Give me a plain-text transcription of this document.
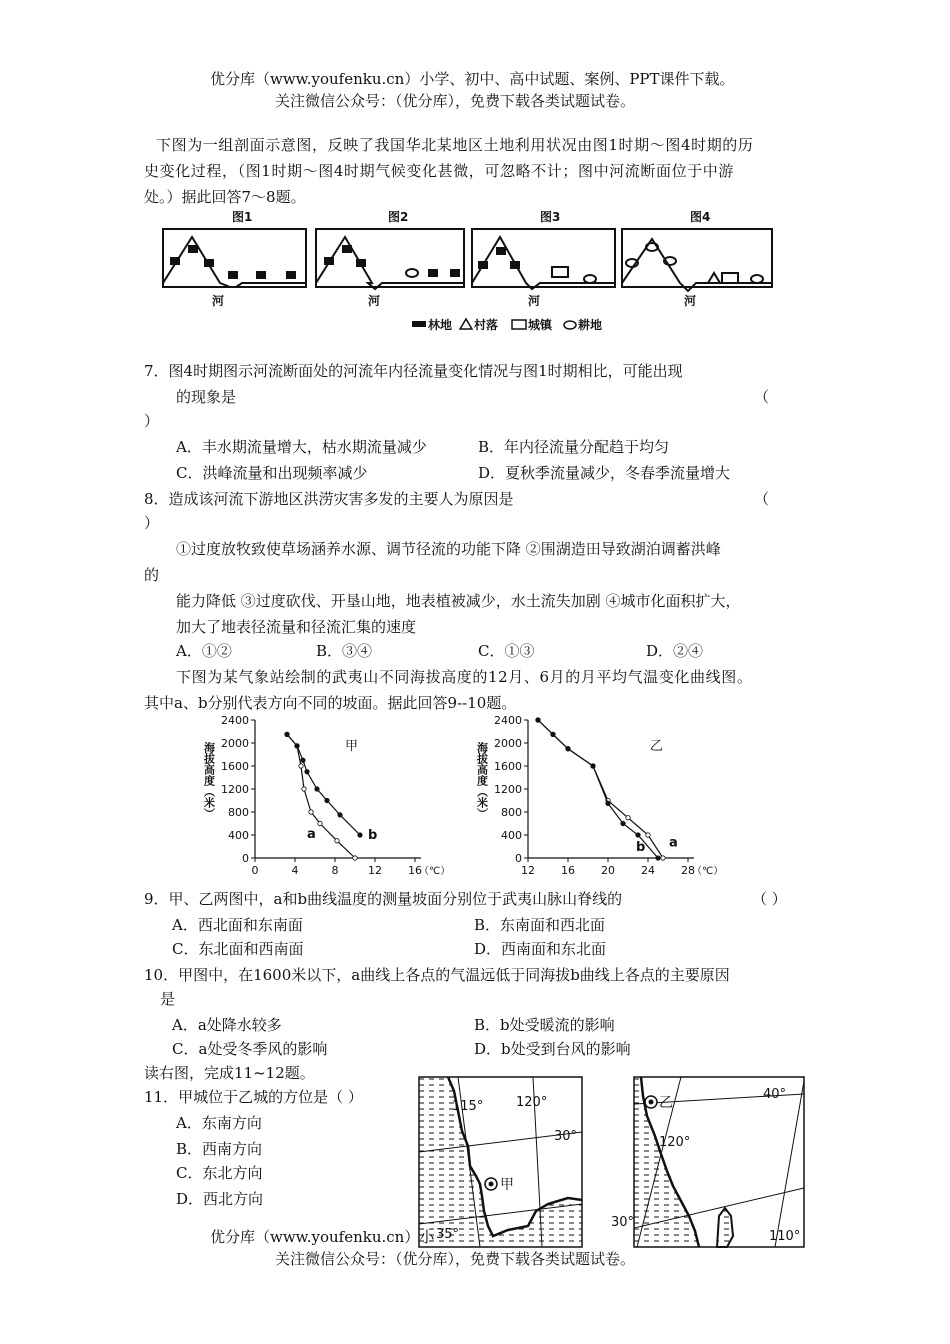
优分库（www.youfenku.cn）小学、初中、高中试题、案例、PPT课件下载。
关注微信公众号：（优分库），免费下载各类试题试卷。
下图为一组剖面示意图，反映了我国华北某地区土地利用状况由图1时期～图4时期的历
史变化过程，（图1时期～图4时期气候变化甚微，可忽略不计；图中河流断面位于中游
处。）据此回答7～8题。
图1	图2	图3	图4
河	河	河	河
林地 村落 城镇 耕地
7．图4时期图示河流断面处的河流年内径流量变化情况与图1时期相比，可能出现
的现象是	（
）
A．丰水期流量增大，枯水期流量减少	B．年内径流量分配趋于均匀
C．洪峰流量和出现频率减少	D．夏秋季流量减少，冬春季流量增大
8．造成该河流下游地区洪涝灾害多发的主要人为原因是	（
）
①过度放牧致使草场涵养水源、调节径流的功能下降 ②围湖造田导致湖泊调蓄洪峰
的
能力降低 ③过度砍伐、开垦山地，地表植被减少，水土流失加剧 ④城市化面积扩大，
加大了地表径流量和径流汇集的速度
A．①②	B．③④	C．①③	D．②④
下图为某气象站绘制的武夷山不同海拔高度的12月、6月的月平均气温变化曲线图。
其中a、b分别代表方向不同的坡面。据此回答9--10题。
0
400
800
1200
1600
2000
2400
0	4	8	12 16
（℃）
海拔高度（米）	甲
a	b
0
400
800
1200
1600
2000
2400
12 16 20 24 28
（℃）
海拔高度（米）	乙
a
b
9．甲、乙两图中，a和b曲线温度的测量坡面分别位于武夷山脉山脊线的	（ ）
A．西北面和东南面	B．东南面和西北面
C．东北面和西南面	D．西南面和东北面
10．甲图中，在1600米以下，a曲线上各点的气温远低于同海拔b曲线上各点的主要原因
是
A．a处降水较多	B．b处受暖流的影响
C．a处受冬季风的影响	D．b处受到台风的影响
读右图，完成11~12题。
11．甲城位于乙城的方位是（ ）
A．东南方向
B．西南方向
C．东北方向
D．西北方向
115°	120°
30°
35°
甲
40°
120°
30°
110°
乙
优分库（www.youfenku.cn）小
关注微信公众号：（优分库），免费下载各类试题试卷。
